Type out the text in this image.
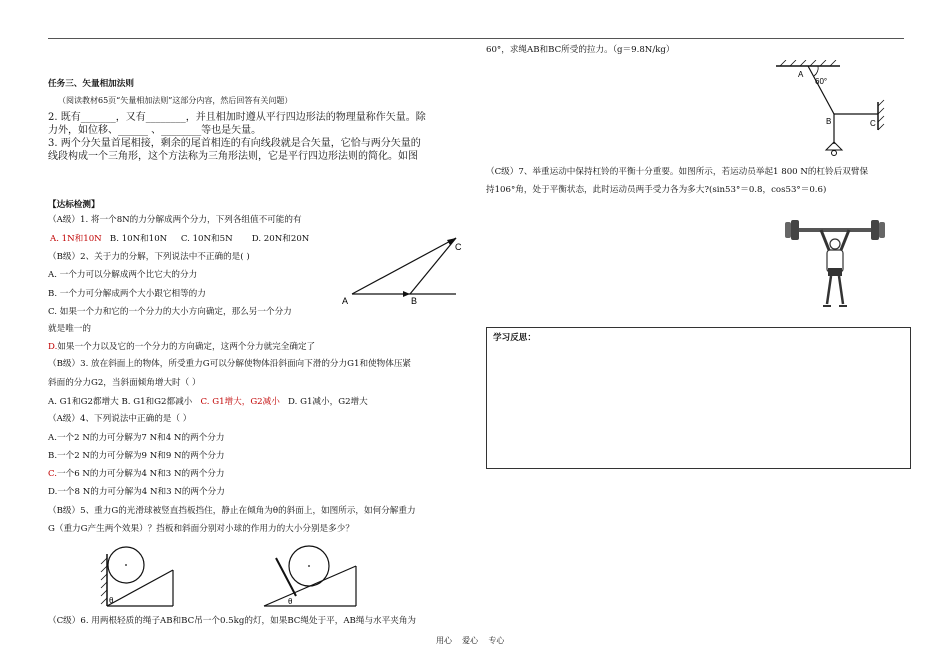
任务三、矢量相加法则
（阅读教材65页“矢量相加法则”这部分内容，然后回答有关问题）
2. 既有_______，又有________，并且相加时遵从平行四边形法的物理量称作矢量。除
力外，如位移、______ 、________等也是矢量。
3. 两个分矢量首尾相接，剩余的尾首相连的有向线段就是合矢量，它恰与两分矢量的
线段构成一个三角形，这个方法称为三角形法则，它是平行四边形法则的简化。如图
【达标检测】
（A级）1. 将一个8N的力分解成两个分力，下列各组值不可能的有
A. 1N和10N B. 10N和10N     C. 10N和5N       D. 20N和20N
（B级）2、关于力的分解，下列说法中不正确的是( )
A. 一个力可以分解成两个比它大的分力
B. 一个力可分解成两个大小跟它相等的力
C. 如果一个力和它的一个分力的大小方向确定，那么另一个分力
就是唯一的
D.如果一个力以及它的一个分力的方向确定，这两个分力就完全确定了
（B级）3. 放在斜面上的物体，所受重力G可以分解使物体沿斜面向下滑的分力G1和使物体压紧
斜面的分力G2，当斜面倾角增大时（ ）
A. G1和G2都增大 B. G1和G2都减小 C. G1增大，G2减小 D. G1减小，G2增大
（A级）4、下列说法中正确的是（ ）
A.一个2 N的力可分解为7 N和4 N的两个分力
B.一个2 N的力可分解为9 N和9 N的两个分力
C.一个6 N的力可分解为4 N和3 N的两个分力
D.一个8 N的力可分解为4 N和3 N的两个分力
（B级）5、重力G的光滑球被竖直挡板挡住，静止在倾角为θ的斜面上，如图所示，如何分解重力
G（重力G产生两个效果）？挡板和斜面分别对小球的作用力的大小分别是多少？
（C级）6. 用两根轻质的绳子AB和BC吊一个0.5kg的灯，如果BC绳处于平，AB绳与水平夹角为
A	B
C
θ	θ
60°，求绳AB和BC所受的拉力。（g＝9.8N/kg）
A
60°
B	C
（C级）7、举重运动中保持杠铃的平衡十分重要。如图所示，若运动员举起1 800 N的杠铃后双臂保
持106°角，处于平衡状态，此时运动员两手受力各为多大?(sin53°＝0.8，cos53°＝0.6)
学习反思：
用心    爱心    专心
